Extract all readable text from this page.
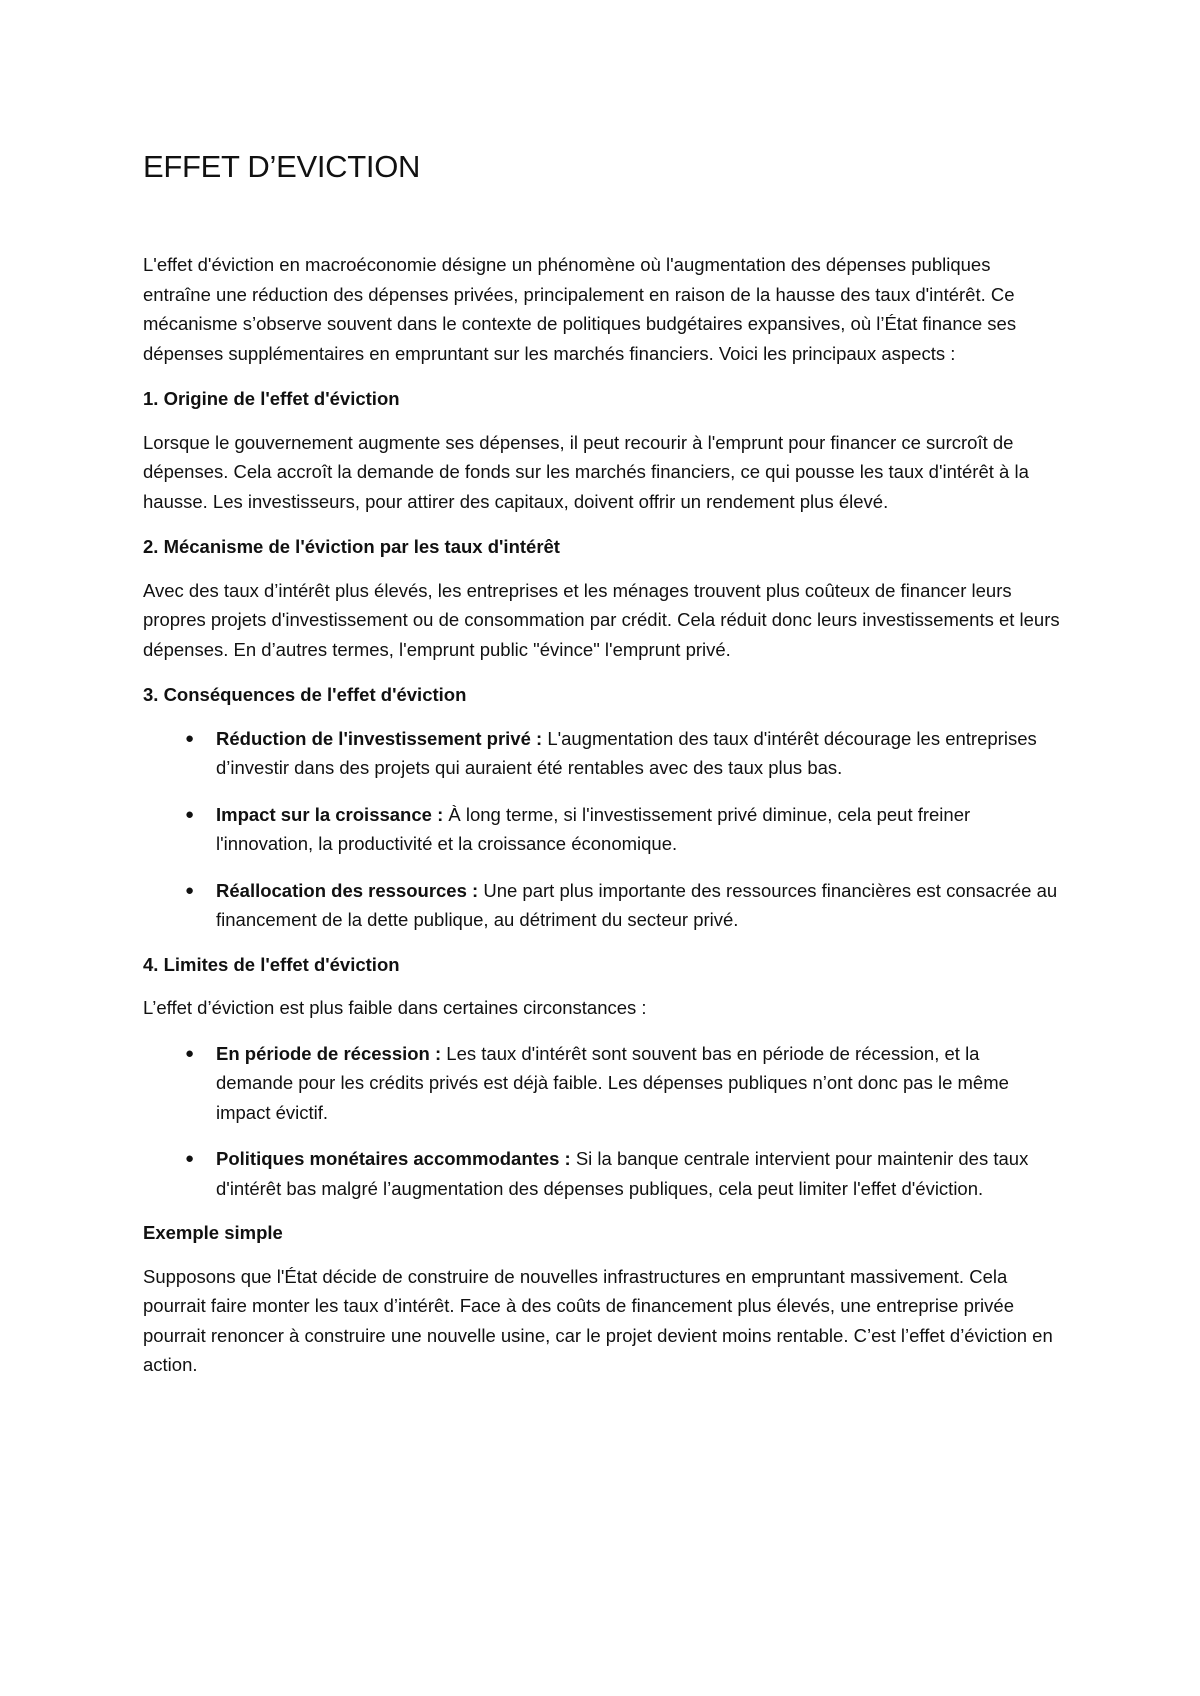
EFFET D’EVICTION

L'effet d'éviction en macroéconomie désigne un phénomène où l'augmentation des dépenses publiques entraîne une réduction des dépenses privées, principalement en raison de la hausse des taux d'intérêt. Ce mécanisme s’observe souvent dans le contexte de politiques budgétaires expansives, où l’État finance ses dépenses supplémentaires en empruntant sur les marchés financiers. Voici les principaux aspects :

1. Origine de l'effet d'éviction

Lorsque le gouvernement augmente ses dépenses, il peut recourir à l'emprunt pour financer ce surcroît de dépenses. Cela accroît la demande de fonds sur les marchés financiers, ce qui pousse les taux d'intérêt à la hausse. Les investisseurs, pour attirer des capitaux, doivent offrir un rendement plus élevé.

2. Mécanisme de l'éviction par les taux d'intérêt

Avec des taux d’intérêt plus élevés, les entreprises et les ménages trouvent plus coûteux de financer leurs propres projets d'investissement ou de consommation par crédit. Cela réduit donc leurs investissements et leurs dépenses. En d’autres termes, l'emprunt public "évince" l'emprunt privé.

3. Conséquences de l'effet d'éviction
● Réduction de l'investissement privé : L'augmentation des taux d'intérêt décourage les entreprises d’investir dans des projets qui auraient été rentables avec des taux plus bas.
● Impact sur la croissance : À long terme, si l'investissement privé diminue, cela peut freiner l'innovation, la productivité et la croissance économique.
● Réallocation des ressources : Une part plus importante des ressources financières est consacrée au financement de la dette publique, au détriment du secteur privé.
4. Limites de l'effet d'éviction

L’effet d’éviction est plus faible dans certaines circonstances :

● En période de récession : Les taux d'intérêt sont souvent bas en période de récession, et la demande pour les crédits privés est déjà faible. Les dépenses publiques n’ont donc pas le même impact évictif.
● Politiques monétaires accommodantes : Si la banque centrale intervient pour maintenir des taux d'intérêt bas malgré l’augmentation des dépenses publiques, cela peut limiter l'effet d'éviction.
Exemple simple

Supposons que l'État décide de construire de nouvelles infrastructures en empruntant massivement. Cela pourrait faire monter les taux d’intérêt. Face à des coûts de financement plus élevés, une entreprise privée pourrait renoncer à construire une nouvelle usine, car le projet devient moins rentable. C’est l’effet d’éviction en action.
